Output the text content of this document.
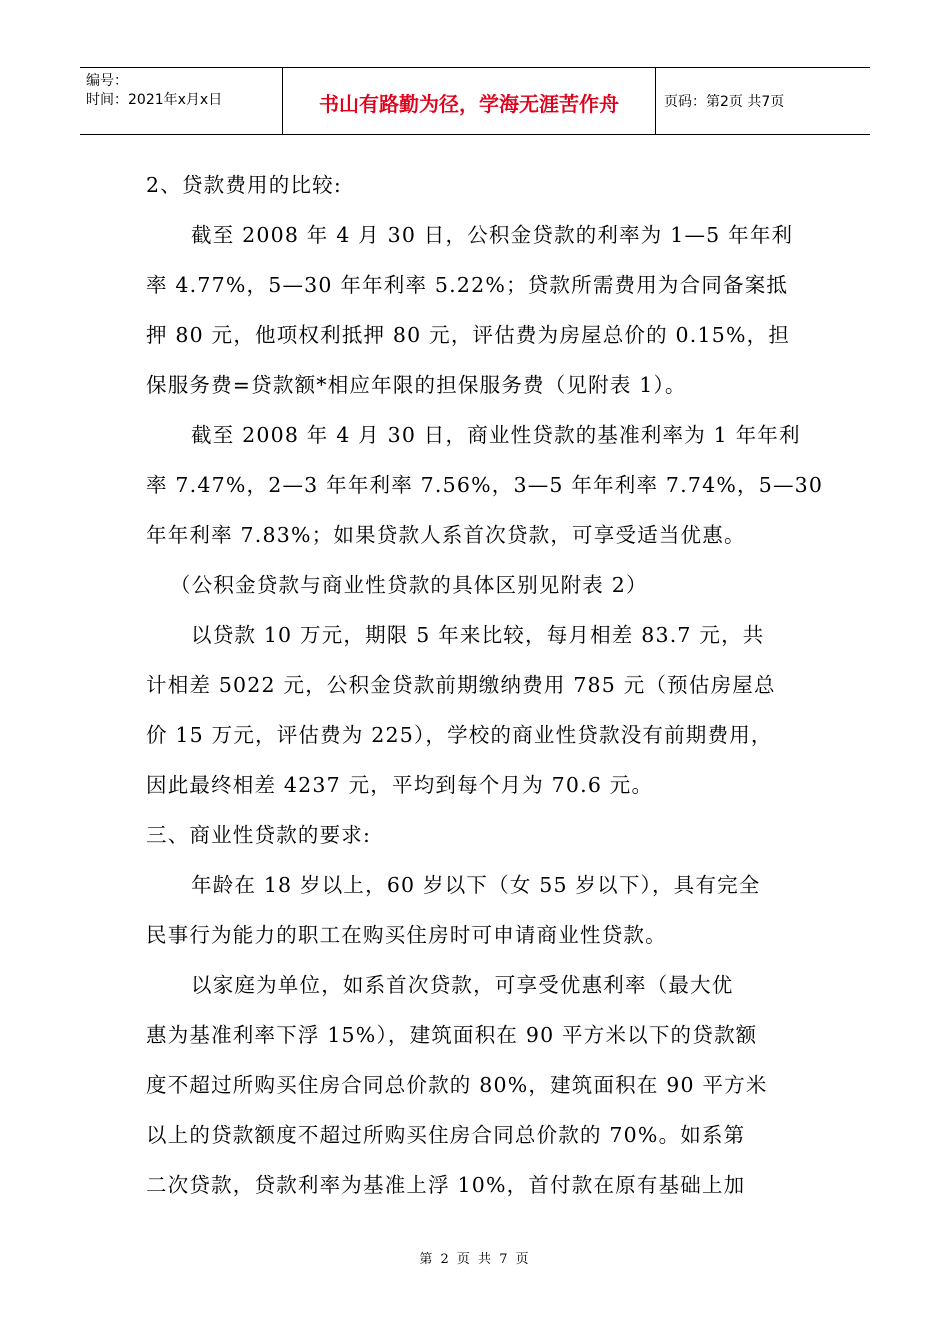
编号：
时间：2021年x月x日	书山有路勤为径，学海无涯苦作舟	页码：第2页 共7页

2、贷款费用的比较:

截至 2008 年 4 月 30 日，公积金贷款的利率为 1—5 年年利

率 4.77%，5—30 年年利率 5.22%；贷款所需费用为合同备案抵

押 80 元，他项权利抵押 80 元，评估费为房屋总价的 0.15%，担

保服务费=贷款额*相应年限的担保服务费（见附表 1）。

截至 2008 年 4 月 30 日，商业性贷款的基准利率为 1 年年利

率 7.47%，2—3 年年利率 7.56%，3—5 年年利率 7.74%，5—30

年年利率 7.83%；如果贷款人系首次贷款，可享受适当优惠。

（公积金贷款与商业性贷款的具体区别见附表 2）

以贷款 10 万元，期限 5 年来比较，每月相差 83.7 元，共

计相差 5022 元，公积金贷款前期缴纳费用 785 元（预估房屋总

价 15 万元，评估费为 225），学校的商业性贷款没有前期费用，

因此最终相差 4237 元，平均到每个月为 70.6 元。

三、商业性贷款的要求:

年龄在 18 岁以上，60 岁以下（女 55 岁以下），具有完全

民事行为能力的职工在购买住房时可申请商业性贷款。

以家庭为单位，如系首次贷款，可享受优惠利率（最大优

惠为基准利率下浮 15%），建筑面积在 90 平方米以下的贷款额

度不超过所购买住房合同总价款的 80%，建筑面积在 90 平方米

以上的贷款额度不超过所购买住房合同总价款的 70%。如系第

二次贷款，贷款利率为基准上浮 10%，首付款在原有基础上加

第 2 页 共 7 页
